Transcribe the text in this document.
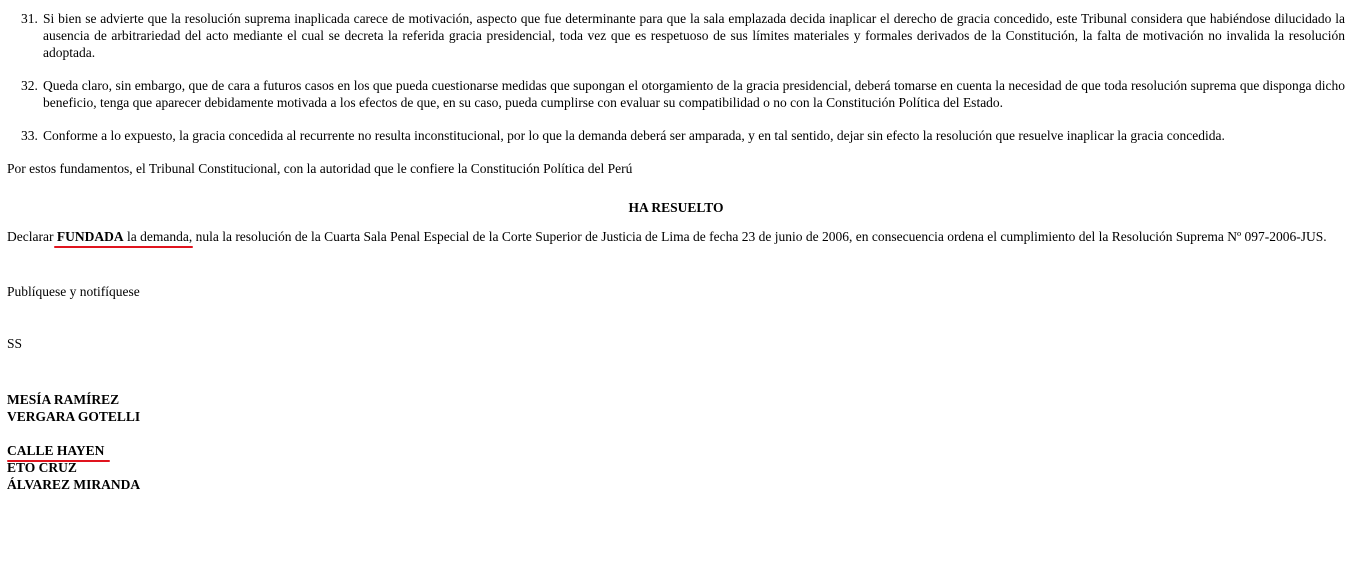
31. Si bien se advierte que la resolución suprema inaplicada carece de motivación, aspecto que fue determinante para que la sala emplazada decida inaplicar el derecho de gracia concedido, este Tribunal considera que habiéndose dilucidado la ausencia de arbitrariedad del acto mediante el cual se decreta la referida gracia presidencial, toda vez que es respetuoso de sus límites materiales y formales derivados de la Constitución, la falta de motivación no invalida la resolución adoptada.
32. Queda claro, sin embargo, que de cara a futuros casos en los que pueda cuestionarse medidas que supongan el otorgamiento de la gracia presidencial, deberá tomarse en cuenta la necesidad de que toda resolución suprema que disponga dicho beneficio, tenga que aparecer debidamente motivada a los efectos de que, en su caso, pueda cumplirse con evaluar su compatibilidad o no con la Constitución Política del Estado.
33. Conforme a lo expuesto, la gracia concedida al recurrente no resulta inconstitucional, por lo que la demanda deberá ser amparada, y en tal sentido, dejar sin efecto la resolución que resuelve inaplicar la gracia concedida.
Por estos fundamentos, el Tribunal Constitucional, con la autoridad que le confiere la Constitución Política del Perú
HA RESUELTO
Declarar FUNDADA la demanda
, nula la resolución de la Cuarta Sala Penal Especial de la Corte Superior de Justicia de Lima de fecha 23 de junio de 2006, en consecuencia ordena el cumplimiento del la Resolución Suprema Nº 097-2006-JUS.
Publíquese y notifíquese
SS
MESÍA RAMÍREZ
VERGARA GOTELLI
CALLE HAYEN
ETO CRUZ
ÁLVAREZ MIRANDA
